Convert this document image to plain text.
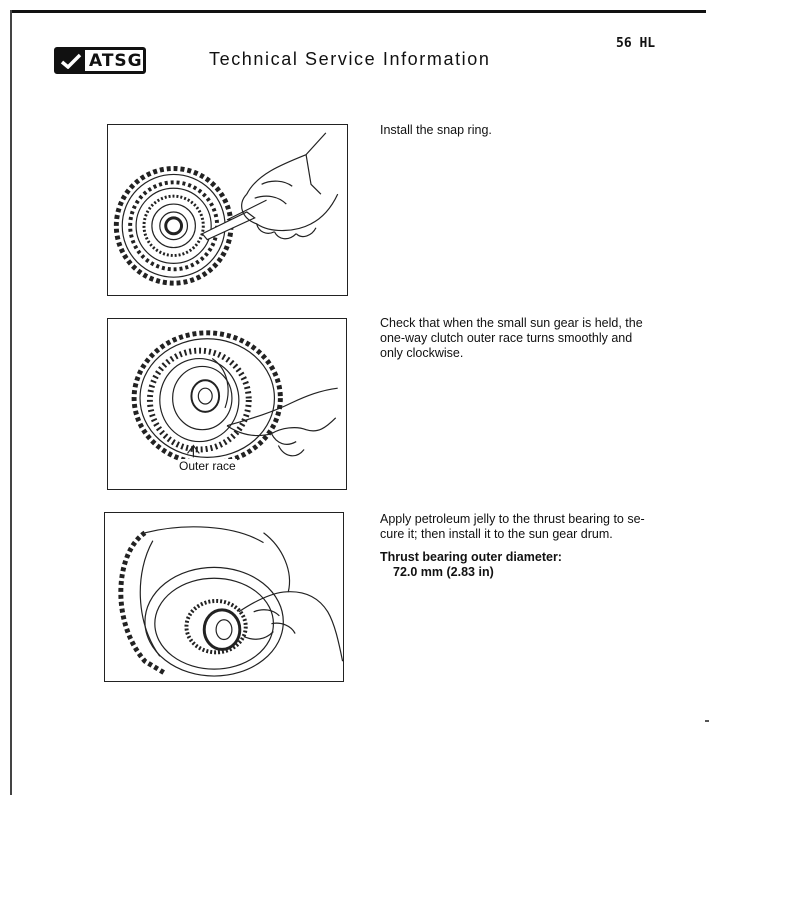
ATSG	Technical Service Information
56 HL
Outer race
Install the snap ring.
Check that when the small sun gear is held, the one-way clutch outer race turns smoothly and only clockwise.
Apply petroleum jelly to the thrust bearing to se-cure it; then install it to the sun gear drum.
Thrust bearing outer diameter:
72.0 mm (2.83 in)
